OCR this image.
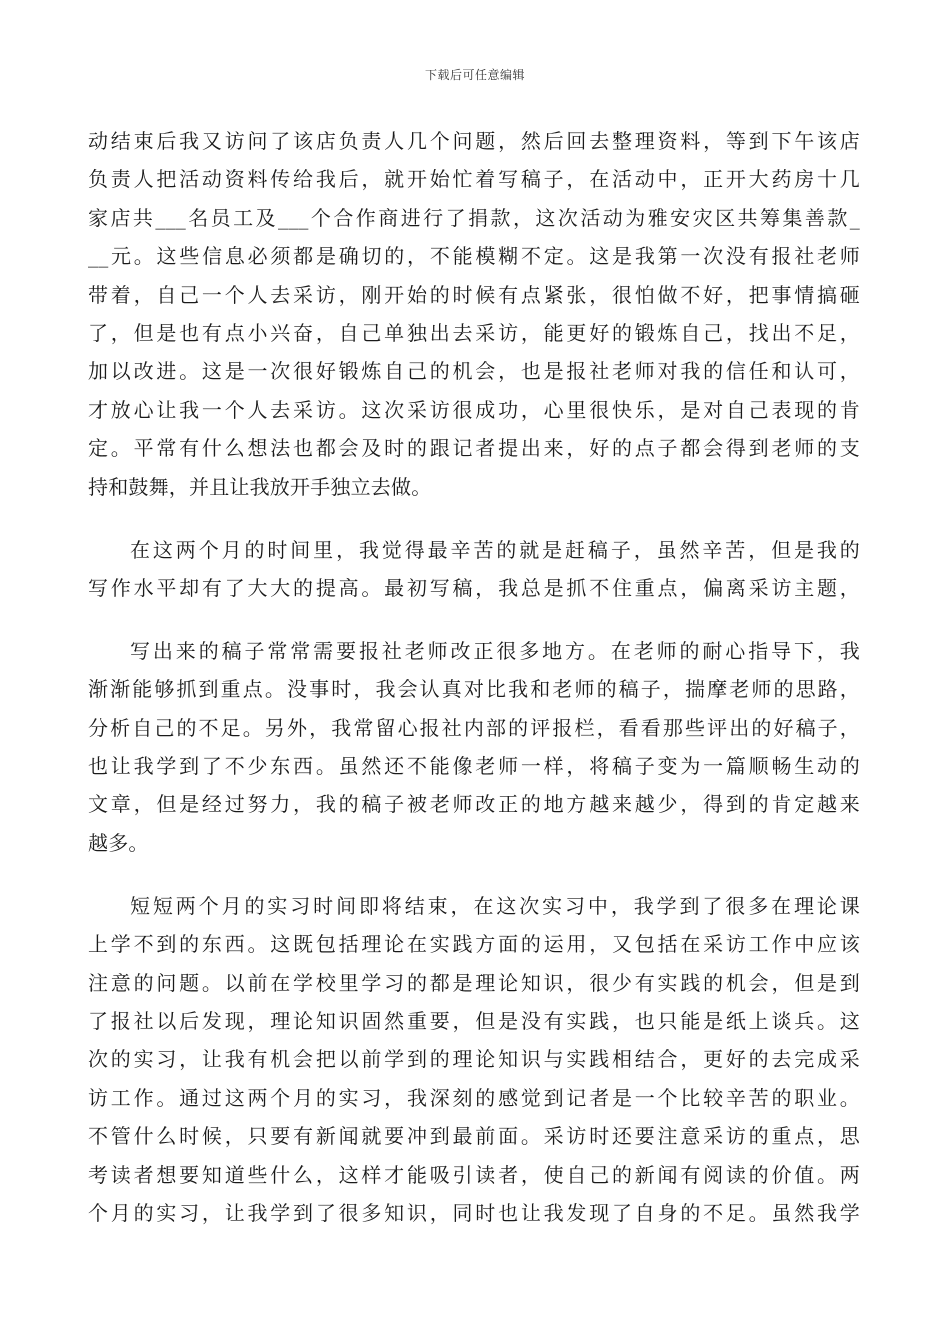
下载后可任意编辑
动结束后我又访问了该店负责人几个问题，然后回去整理资料，等到下午该店
负责人把活动资料传给我后，就开始忙着写稿子，在活动中，正开大药房十几
家店共___名员工及___个合作商进行了捐款，这次活动为雅安灾区共筹集善款_
__元。这些信息必须都是确切的，不能模糊不定。这是我第一次没有报社老师
带着，自己一个人去采访，刚开始的时候有点紧张，很怕做不好，把事情搞砸
了，但是也有点小兴奋，自己单独出去采访，能更好的锻炼自己，找出不足，
加以改进。这是一次很好锻炼自己的机会，也是报社老师对我的信任和认可，
才放心让我一个人去采访。这次采访很成功，心里很快乐，是对自己表现的肯
定。平常有什么想法也都会及时的跟记者提出来，好的点子都会得到老师的支
持和鼓舞，并且让我放开手独立去做。
在这两个月的时间里，我觉得最辛苦的就是赶稿子，虽然辛苦，但是我的
写作水平却有了大大的提高。最初写稿，我总是抓不住重点，偏离采访主题，
写出来的稿子常常需要报社老师改正很多地方。在老师的耐心指导下，我
渐渐能够抓到重点。没事时，我会认真对比我和老师的稿子，揣摩老师的思路，
分析自己的不足。另外，我常留心报社内部的评报栏，看看那些评出的好稿子，
也让我学到了不少东西。虽然还不能像老师一样，将稿子变为一篇顺畅生动的
文章，但是经过努力，我的稿子被老师改正的地方越来越少，得到的肯定越来
越多。
短短两个月的实习时间即将结束，在这次实习中，我学到了很多在理论课
上学不到的东西。这既包括理论在实践方面的运用，又包括在采访工作中应该
注意的问题。以前在学校里学习的都是理论知识，很少有实践的机会，但是到
了报社以后发现，理论知识固然重要，但是没有实践，也只能是纸上谈兵。这
次的实习，让我有机会把以前学到的理论知识与实践相结合，更好的去完成采
访工作。通过这两个月的实习，我深刻的感觉到记者是一个比较辛苦的职业。
不管什么时候，只要有新闻就要冲到最前面。采访时还要注意采访的重点，思
考读者想要知道些什么，这样才能吸引读者，使自己的新闻有阅读的价值。两
个月的实习，让我学到了很多知识，同时也让我发现了自身的不足。虽然我学
